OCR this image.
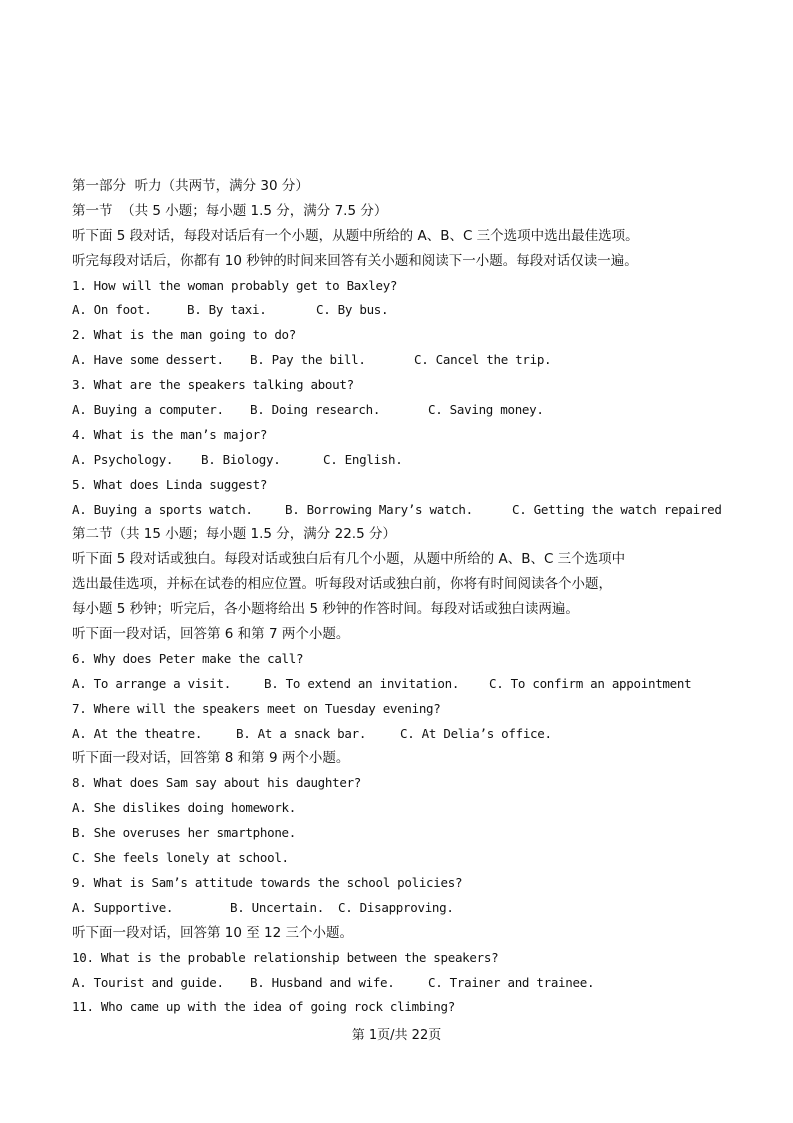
第一部分  听力（共两节，满分 30 分）
第一节  （共 5 小题；每小题 1.5 分，满分 7.5 分）
听下面 5 段对话，每段对话后有一个小题，从题中所给的 A、B、C 三个选项中选出最佳选项。
听完每段对话后，你都有 10 秒钟的时间来回答有关小题和阅读下一小题。每段对话仅读一遍。
1. How will the woman probably get to Baxley?
A. On foot.	B. By taxi.	C. By bus.
2. What is the man going to do?
A. Have some dessert. B. Pay the bill.	C. Cancel the trip.
3. What are the speakers talking about?
A. Buying a computer. B. Doing research.	C. Saving money.
4. What is the man’s major?
A. Psychology. B. Biology.	C. English.
5. What does Linda suggest?
A. Buying a sports watch.	B. Borrowing Mary’s watch.	C. Getting the watch repaired
第二节（共 15 小题；每小题 1.5 分，满分 22.5 分）
听下面 5 段对话或独白。每段对话或独白后有几个小题，从题中所给的 A、B、C 三个选项中
选出最佳选项，并标在试卷的相应位置。听每段对话或独白前，你将有时间阅读各个小题，
每小题 5 秒钟；听完后，各小题将给出 5 秒钟的作答时间。每段对话或独白读两遍。
听下面一段对话，回答第 6 和第 7 两个小题。
6. Why does Peter make the call?
A. To arrange a visit.	B. To extend an invitation. C. To confirm an appointment
7. Where will the speakers meet on Tuesday evening?
A. At the theatre.	B. At a snack bar.	C. At Delia’s office.
听下面一段对话，回答第 8 和第 9 两个小题。
8. What does Sam say about his daughter?
A. She dislikes doing homework.
B. She overuses her smartphone.
C. She feels lonely at school.
9. What is Sam’s attitude towards the school policies?
A. Supportive.	B. Uncertain. C. Disapproving.
听下面一段对话，回答第 10 至 12 三个小题。
10. What is the probable relationship between the speakers?
A. Tourist and guide. B. Husband and wife.	C. Trainer and trainee.
11. Who came up with the idea of going rock climbing?
第 1页/共 22页
